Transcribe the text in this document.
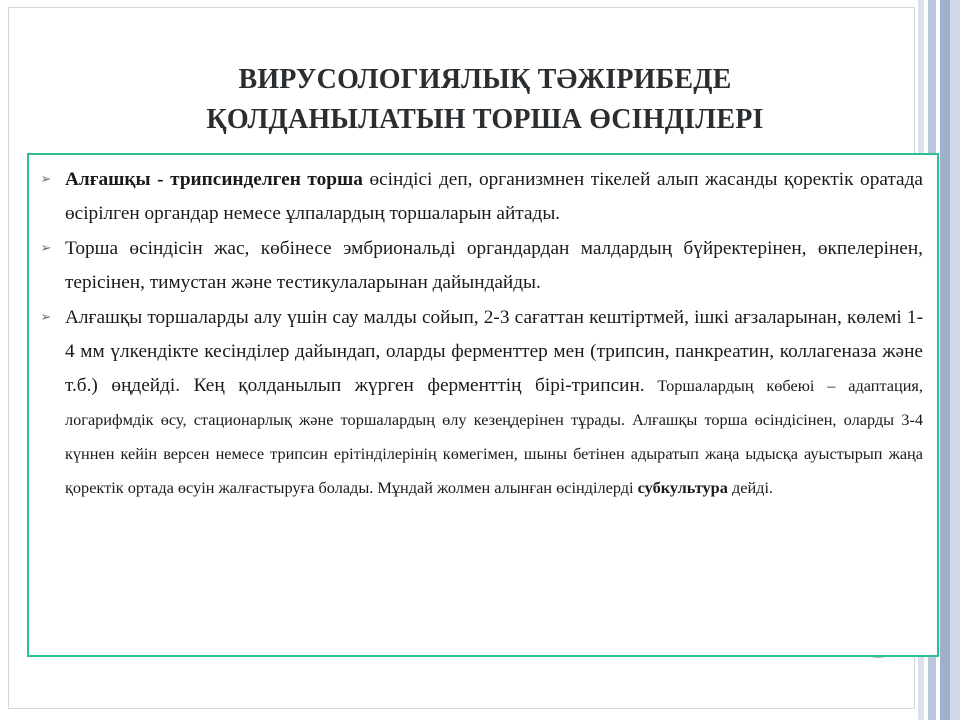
ВИРУСОЛОГИЯЛЫҚ ТӘЖІРИБЕДЕ
ҚОЛДАНЫЛАТЫН ТОРША ӨСІНДІЛЕРІ
➢ Алғашқы - трипсинделген торша өсіндісі деп, организмнен тікелей алып жасанды қоректік оратада өсірілген органдар немесе ұлпалардың торшаларын айтады.
➢ Торша өсіндісін жас, көбінесе эмбриональді органдардан малдардың бүйректерінен, өкпелерінен, терісінен, тимустан және тестикулаларынан дайындайды.
➢ Алғашқы торшаларды алу үшін сау малды сойып, 2-3 сағаттан кештіртмей, ішкі ағзаларынан, көлемі 1-4 мм үлкендікте кесінділер дайындап, оларды ферменттер мен (трипсин, панкреатин, коллагеназа және т.б.) өңдейді. Кең қолданылып жүрген ферменттің бірі-трипсин. Торшалардың көбеюі – адаптация, логарифмдік өсу, стационарлық және торшалардың өлу кезеңдерінен тұрады. Алғашқы торша өсіндісінен, оларды 3-4 күннен кейін версен немесе трипсин ерітінділерінің көмегімен, шыны бетінен адыратып жаңа ыдысқа ауыстырып жаңа қоректік ортада өсуін жалғастыруға болады. Мұндай жолмен алынған өсінділерді субкультура дейді.
